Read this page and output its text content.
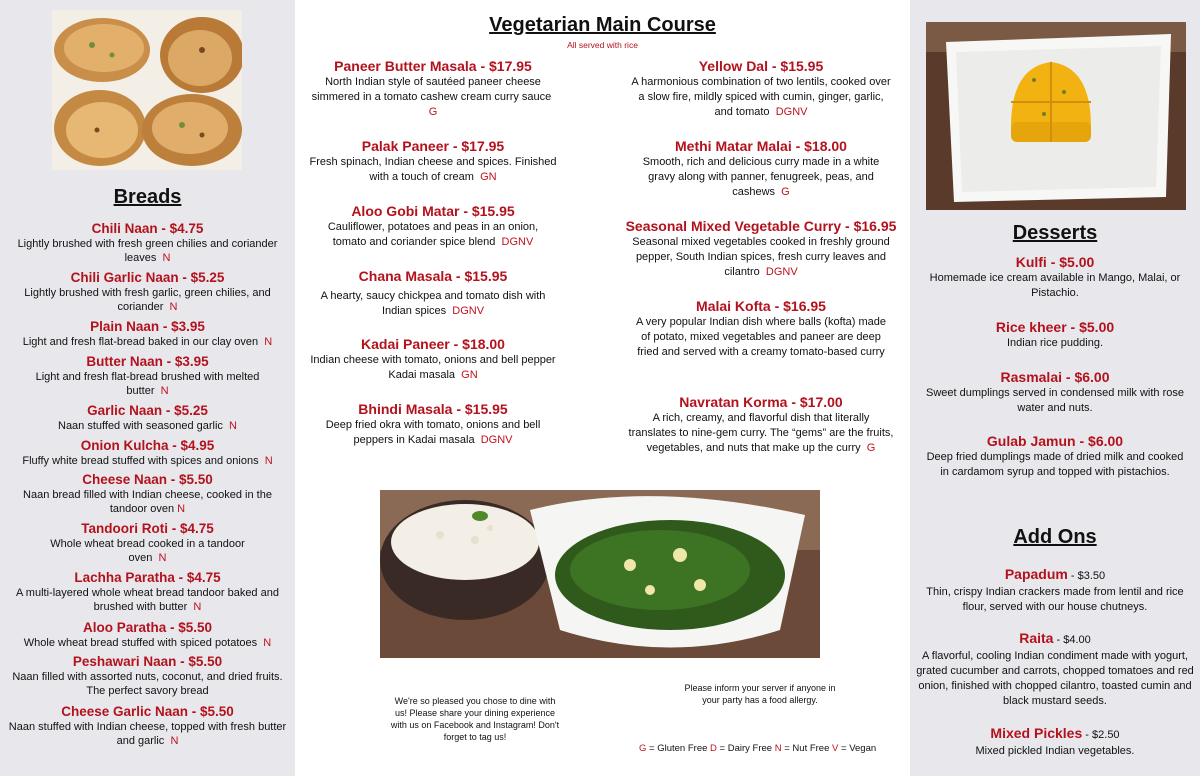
Breads
Chili Naan - $4.75
Lightly brushed with fresh green chilies and coriander leaves N
Chili Garlic Naan - $5.25
Lightly brushed with fresh garlic, green chilies, and coriander N
Plain Naan - $3.95
Light and fresh flat-bread baked in our clay oven N
Butter Naan - $3.95
Light and fresh flat-bread brushed with melted butter N
Garlic Naan - $5.25
Naan stuffed with seasoned garlic N
Onion Kulcha - $4.95
Fluffy white bread stuffed with spices and onions N
Cheese Naan - $5.50
Naan bread filled with Indian cheese, cooked in the tandoor oven N
Tandoori Roti - $4.75
Whole wheat bread cooked in a tandoor oven N
Lachha Paratha - $4.75
A multi-layered whole wheat bread tandoor baked and brushed with butter N
Aloo Paratha - $5.50
Whole wheat bread stuffed with spiced potatoes N
Peshawari Naan - $5.50
Naan filled with assorted nuts, coconut, and dried fruits. The perfect savory bread
Cheese Garlic Naan - $5.50
Naan stuffed with Indian cheese, topped with fresh butter and garlic N
Vegetarian Main Course
All served with rice
Paneer Butter Masala - $17.95
North Indian style of sautéed paneer cheese simmered in a tomato cashew cream curry sauce  G
Palak Paneer - $17.95
Fresh spinach, Indian cheese and spices. Finished with a touch of cream GN
Aloo Gobi Matar - $15.95
Cauliflower, potatoes and peas in an onion, tomato and coriander spice blend DGNV
Chana Masala - $15.95
A hearty, saucy chickpea and tomato dish with Indian spices DGNV
Kadai Paneer - $18.00
Indian cheese with tomato, onions and bell pepper Kadai masala GN
Bhindi Masala - $15.95
Deep fried okra with tomato, onions and bell peppers in Kadai masala DGNV
Yellow Dal - $15.95
A harmonious combination of two lentils, cooked over a slow fire, mildly spiced with cumin, ginger, garlic, and tomato DGNV
Methi Matar Malai - $18.00
Smooth, rich and delicious curry made in a white gravy along with panner, fenugreek, peas, and cashews G
Seasonal Mixed Vegetable Curry - $16.95
Seasonal mixed vegetables cooked in freshly ground pepper, South Indian spices, fresh curry leaves and cilantro DGNV
Malai Kofta - $16.95
A very popular Indian dish where balls (kofta) made of potato, mixed vegetables and paneer are deep fried and served with a creamy tomato-based curry
Navratan Korma - $17.00
A rich, creamy, and flavorful dish that literally translates to nine-gem curry. The “gems” are the fruits, vegetables, and nuts that make up the curry G
We're so pleased you chose to dine with us! Please share your dining experience with us on Facebook and Instagram! Don't forget to tag us!
Please inform your server if anyone in your party has a food allergy.
G = Gluten Free D = Dairy Free N = Nut Free V = Vegan
Desserts
Kulfi - $5.00
Homemade ice cream available in Mango, Malai, or Pistachio.
Rice kheer - $5.00
Indian rice pudding.
Rasmalai - $6.00
Sweet dumplings served in condensed milk with rose water and nuts.
Gulab Jamun - $6.00
Deep fried dumplings made of dried milk and cooked in cardamom syrup and topped with pistachios.
Add Ons
Papadum - $3.50
Thin, crispy Indian crackers made from lentil and rice flour, served with our house chutneys.
Raita - $4.00
A flavorful, cooling Indian condiment made with yogurt, grated cucumber and carrots, chopped tomatoes and red onion, finished with chopped cilantro, toasted cumin and black mustard seeds.
Mixed Pickles - $2.50
Mixed pickled Indian vegetables.
